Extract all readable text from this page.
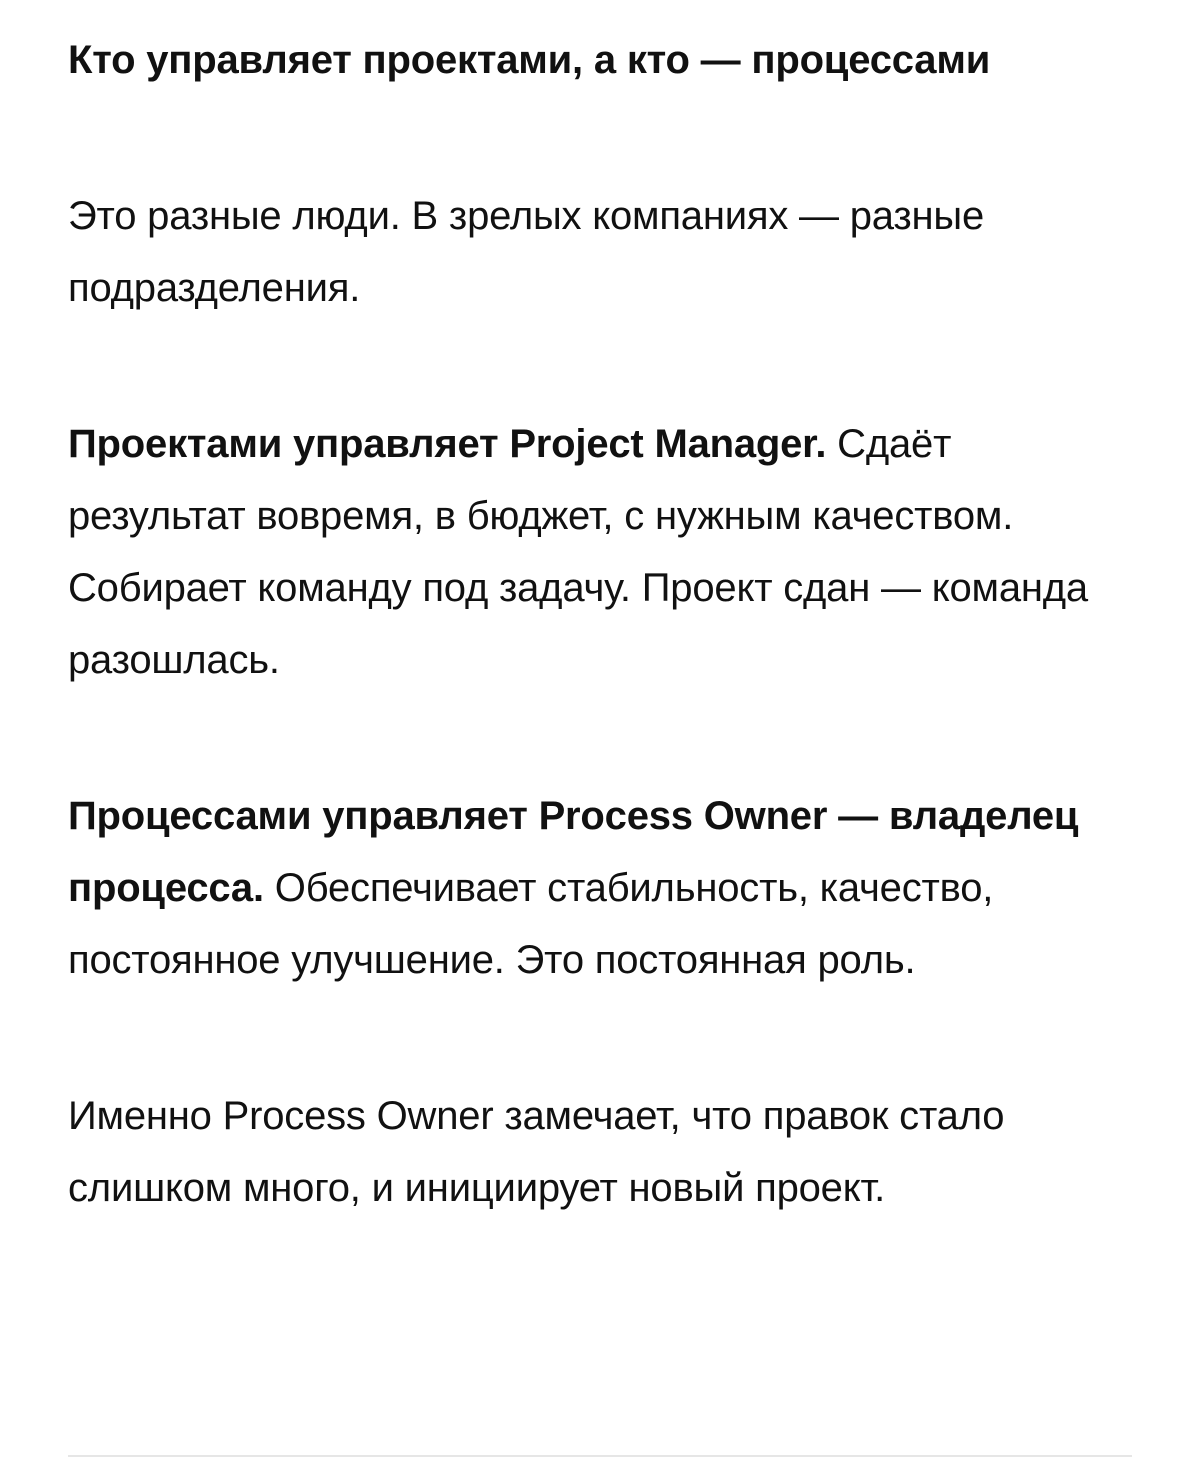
Кто управляет проектами, а кто — процессами

Это разные люди. В зрелых компаниях — разные подразделения.

Проектами управляет Project Manager. Сдаёт результат вовремя, в бюджет, с нужным качеством. Собирает команду под задачу. Проект сдан — команда разошлась.

Процессами управляет Process Owner — владелец процесса. Обеспечивает стабильность, качество, постоянное улучшение. Это постоянная роль.

Именно Process Owner замечает, что правок стало слишком много, и инициирует новый проект.
